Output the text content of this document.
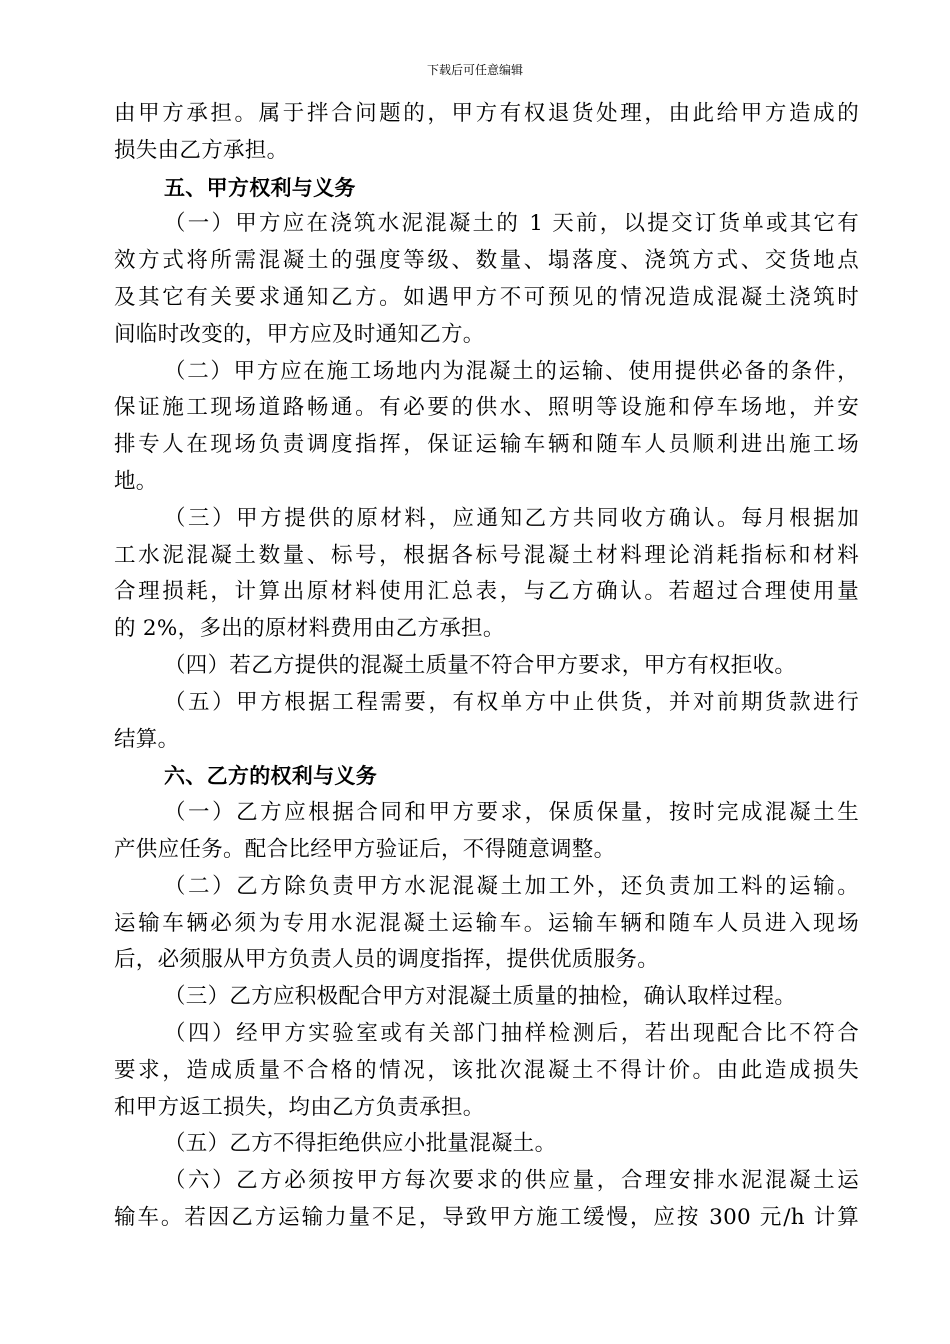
下载后可任意编辑
由甲方承担。属于拌合问题的，甲方有权退货处理，由此给甲方造成的
损失由乙方承担。
五、甲方权利与义务
（一）甲方应在浇筑水泥混凝土的 1 天前，以提交订货单或其它有
效方式将所需混凝土的强度等级、数量、塌落度、浇筑方式、交货地点
及其它有关要求通知乙方。如遇甲方不可预见的情况造成混凝土浇筑时
间临时改变的，甲方应及时通知乙方。
（二）甲方应在施工场地内为混凝土的运输、使用提供必备的条件，
保证施工现场道路畅通。有必要的供水、照明等设施和停车场地，并安
排专人在现场负责调度指挥，保证运输车辆和随车人员顺利进出施工场
地。
（三）甲方提供的原材料，应通知乙方共同收方确认。每月根据加
工水泥混凝土数量、标号，根据各标号混凝土材料理论消耗指标和材料
合理损耗，计算出原材料使用汇总表，与乙方确认。若超过合理使用量
的 2%，多出的原材料费用由乙方承担。
（四）若乙方提供的混凝土质量不符合甲方要求，甲方有权拒收。
（五）甲方根据工程需要，有权单方中止供货，并对前期货款进行
结算。
六、乙方的权利与义务
（一）乙方应根据合同和甲方要求，保质保量，按时完成混凝土生
产供应任务。配合比经甲方验证后，不得随意调整。
（二）乙方除负责甲方水泥混凝土加工外，还负责加工料的运输。
运输车辆必须为专用水泥混凝土运输车。运输车辆和随车人员进入现场
后，必须服从甲方负责人员的调度指挥，提供优质服务。
（三）乙方应积极配合甲方对混凝土质量的抽检，确认取样过程。
（四）经甲方实验室或有关部门抽样检测后，若出现配合比不符合
要求，造成质量不合格的情况，该批次混凝土不得计价。由此造成损失
和甲方返工损失，均由乙方负责承担。
（五）乙方不得拒绝供应小批量混凝土。
（六）乙方必须按甲方每次要求的供应量，合理安排水泥混凝土运
输车。若因乙方运输力量不足，导致甲方施工缓慢，应按 300 元/h 计算
